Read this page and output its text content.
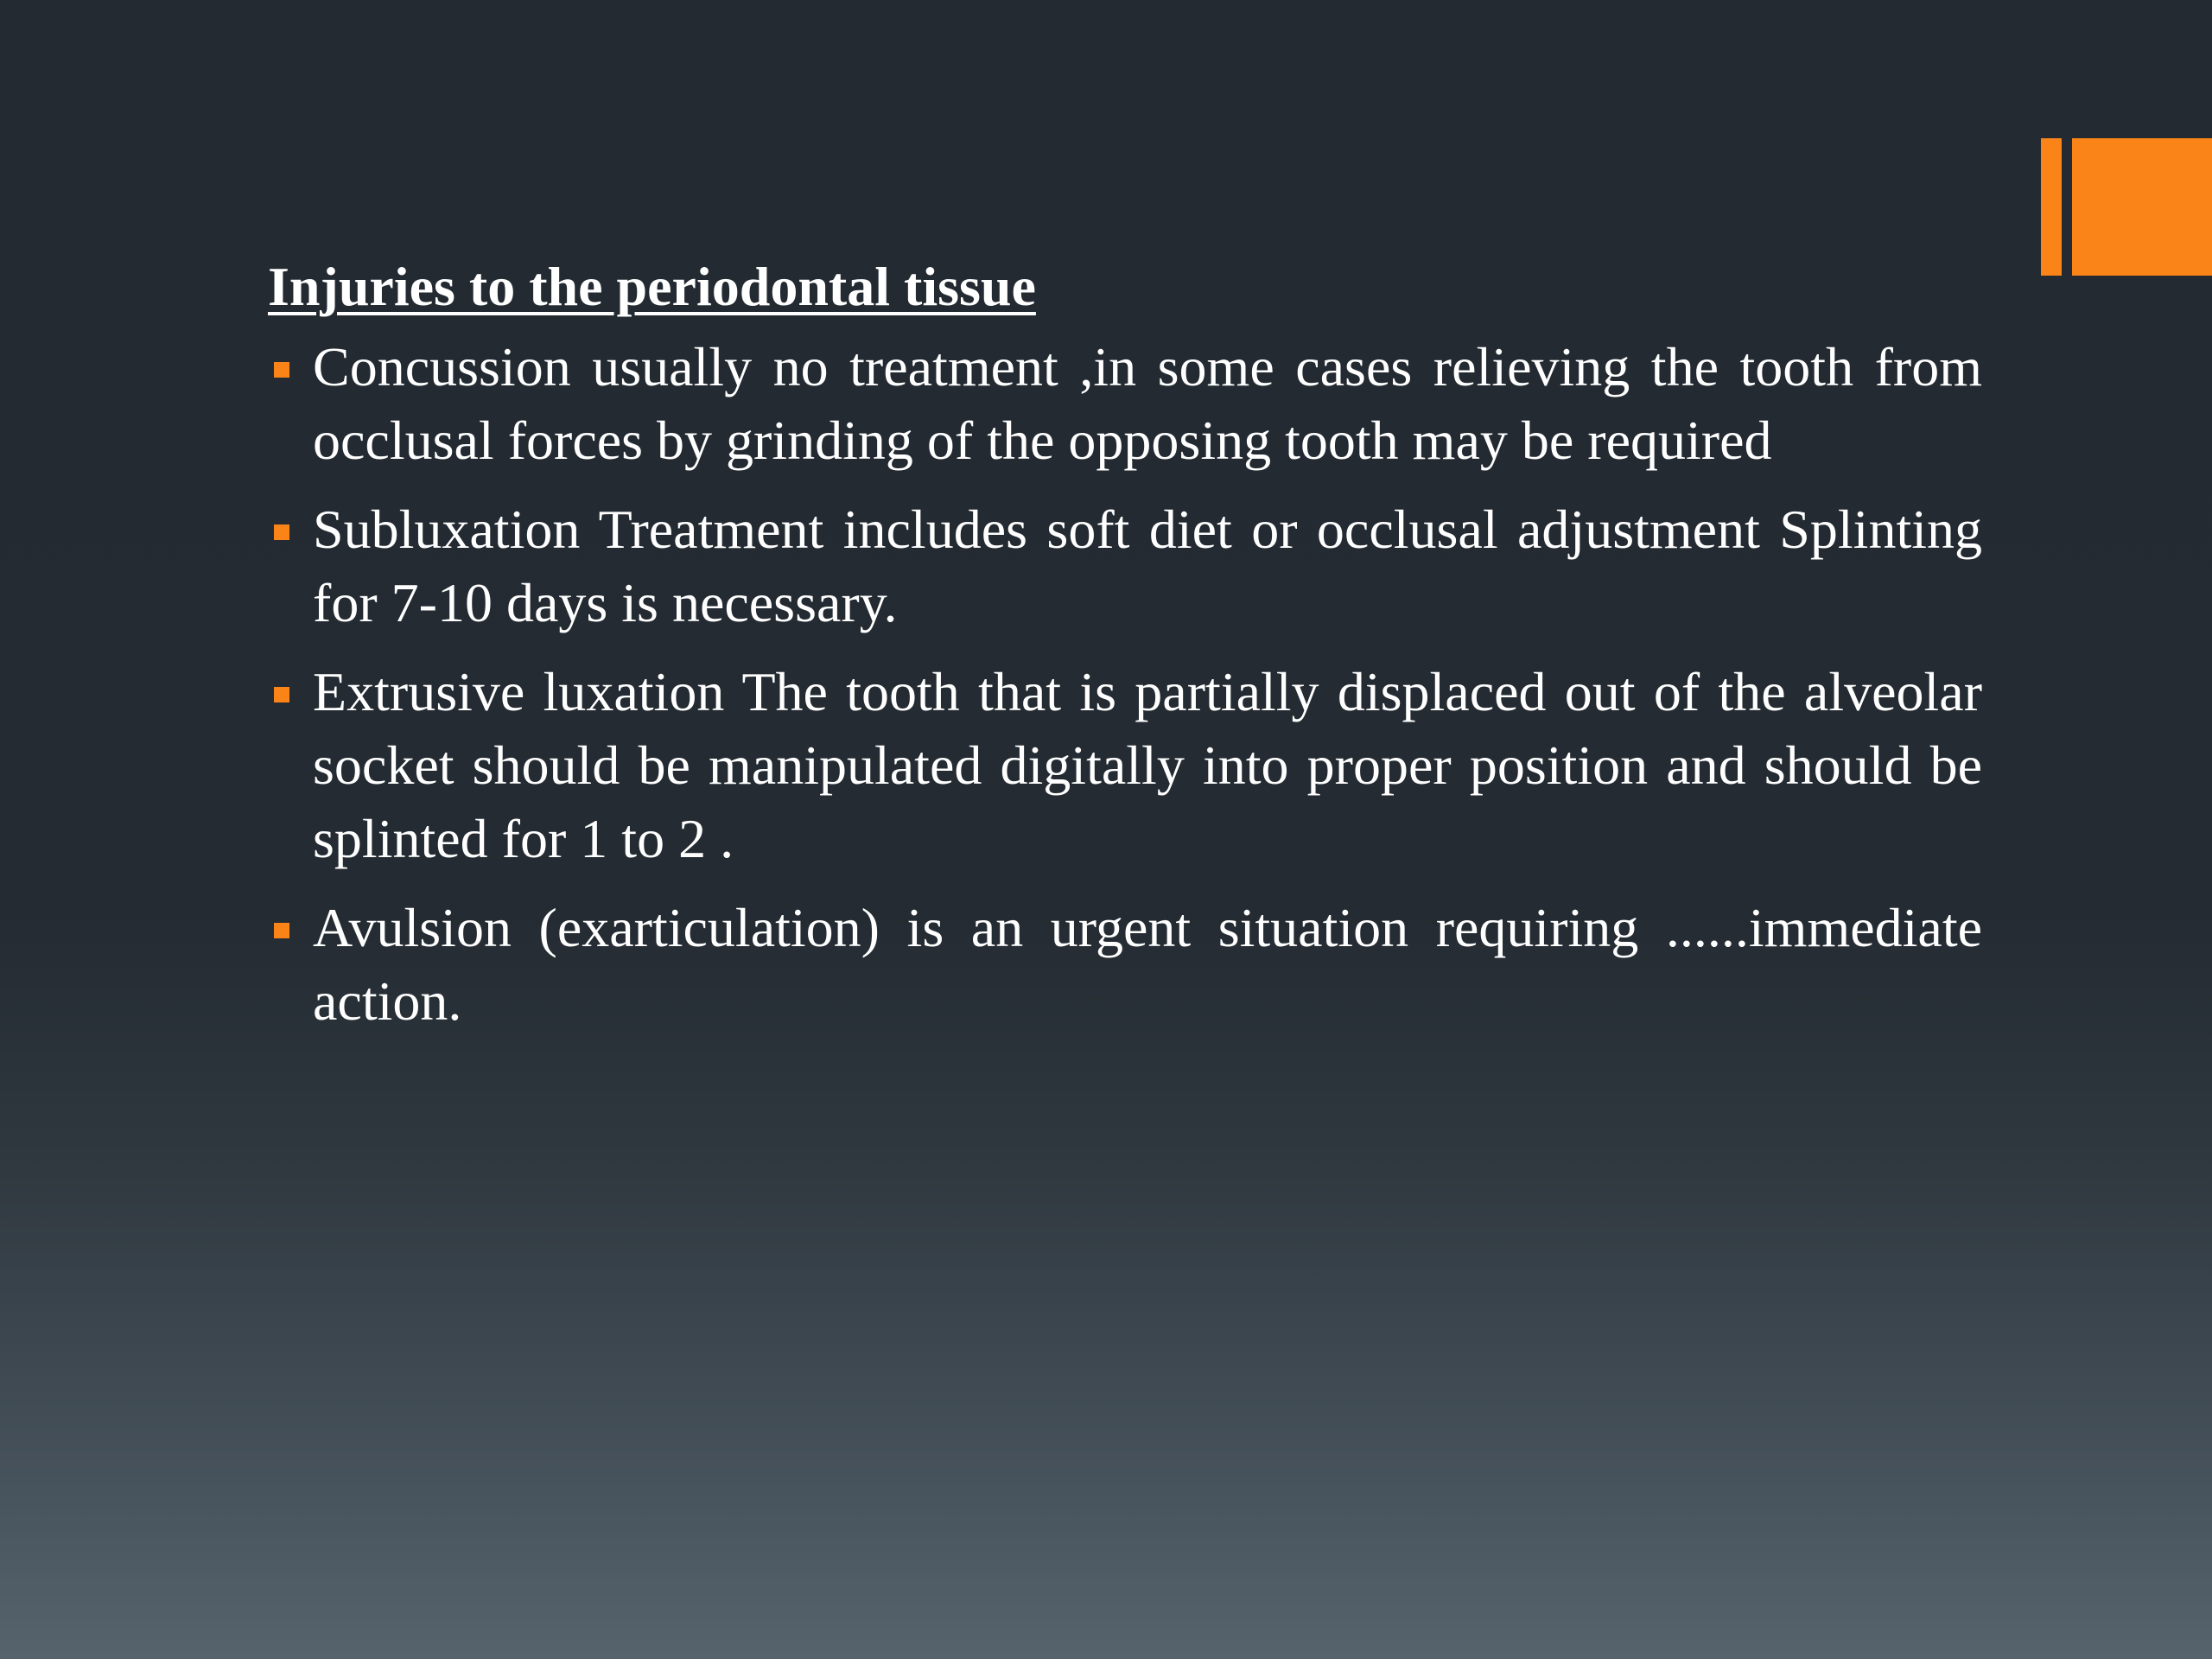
Injuries to the periodontal tissue
Concussion usually no treatment ,in some cases relieving the tooth from occlusal forces by grinding of the opposing tooth may be required
Subluxation Treatment includes soft diet or occlusal adjustment Splinting for 7-10 days is necessary.
Extrusive luxation The tooth that is partially displaced out of the alveolar socket should be manipulated digitally into proper position and should be splinted for 1 to 2 .
Avulsion (exarticulation) is an urgent situation requiring ......immediate action.
